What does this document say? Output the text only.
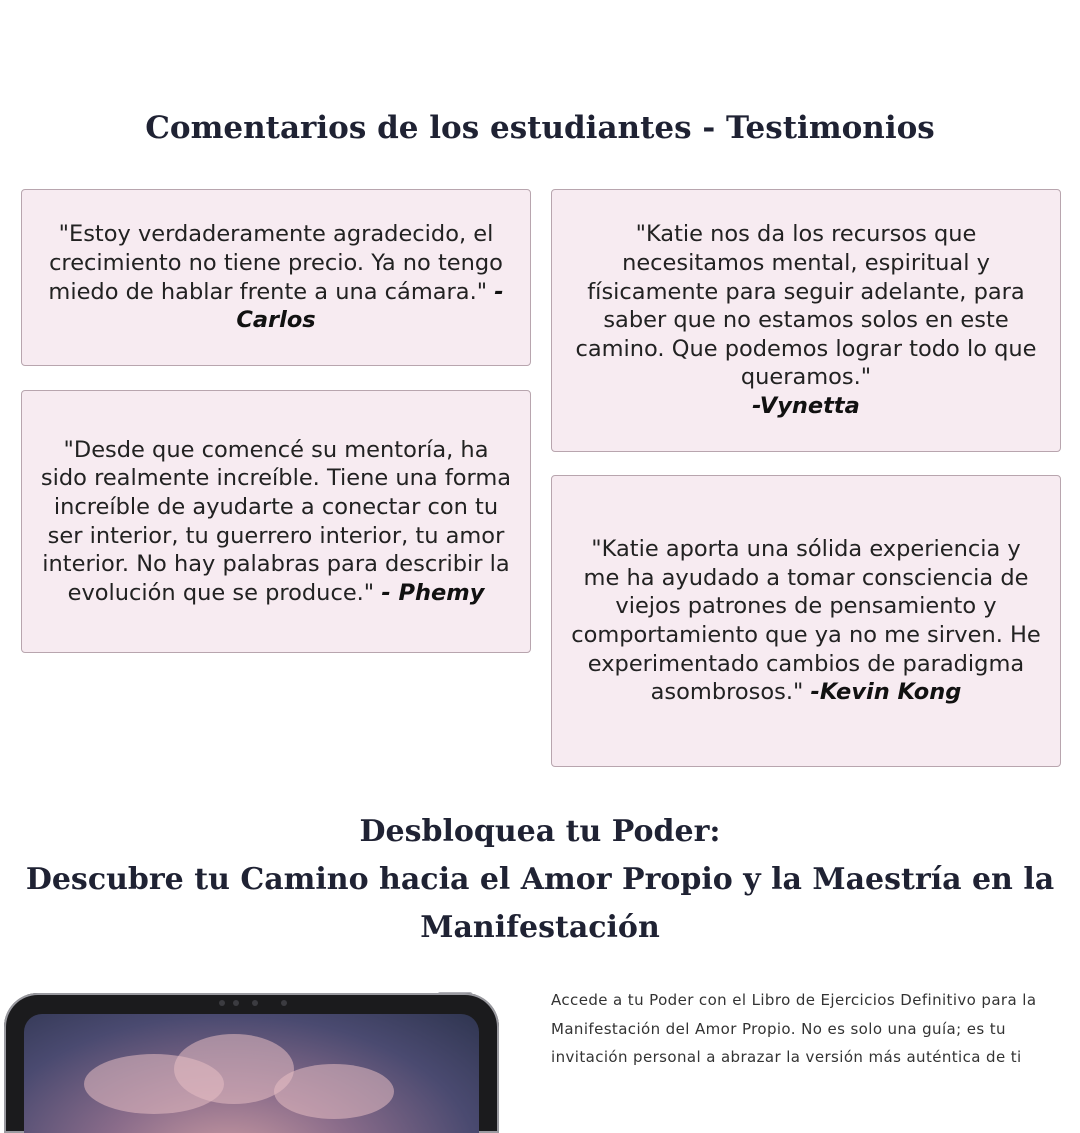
Comentarios de los estudiantes - Testimonios

"Estoy verdaderamente agradecido, el crecimiento no tiene precio. Ya no tengo miedo de hablar frente a una cámara." -Carlos

"Desde que comencé su mentoría, ha sido realmente increíble. Tiene una forma increíble de ayudarte a conectar con tu ser interior, tu guerrero interior, tu amor interior. No hay palabras para describir la evolución que se produce." - Phemy

"Katie nos da los recursos que necesitamos mental, espiritual y físicamente para seguir adelante, para saber que no estamos solos en este camino. Que podemos lograr todo lo que queramos."
-Vynetta

"Katie aporta una sólida experiencia y me ha ayudado a tomar consciencia de viejos patrones de pensamiento y comportamiento que ya no me sirven. He experimentado cambios de paradigma asombrosos." -Kevin Kong

Desbloquea tu Poder:
Descubre tu Camino hacia el Amor Propio y la Maestría en la Manifestación

Accede a tu Poder con el Libro de Ejercicios Definitivo para la Manifestación del Amor Propio. No es solo una guía; es tu invitación personal a abrazar la versión más auténtica de ti
